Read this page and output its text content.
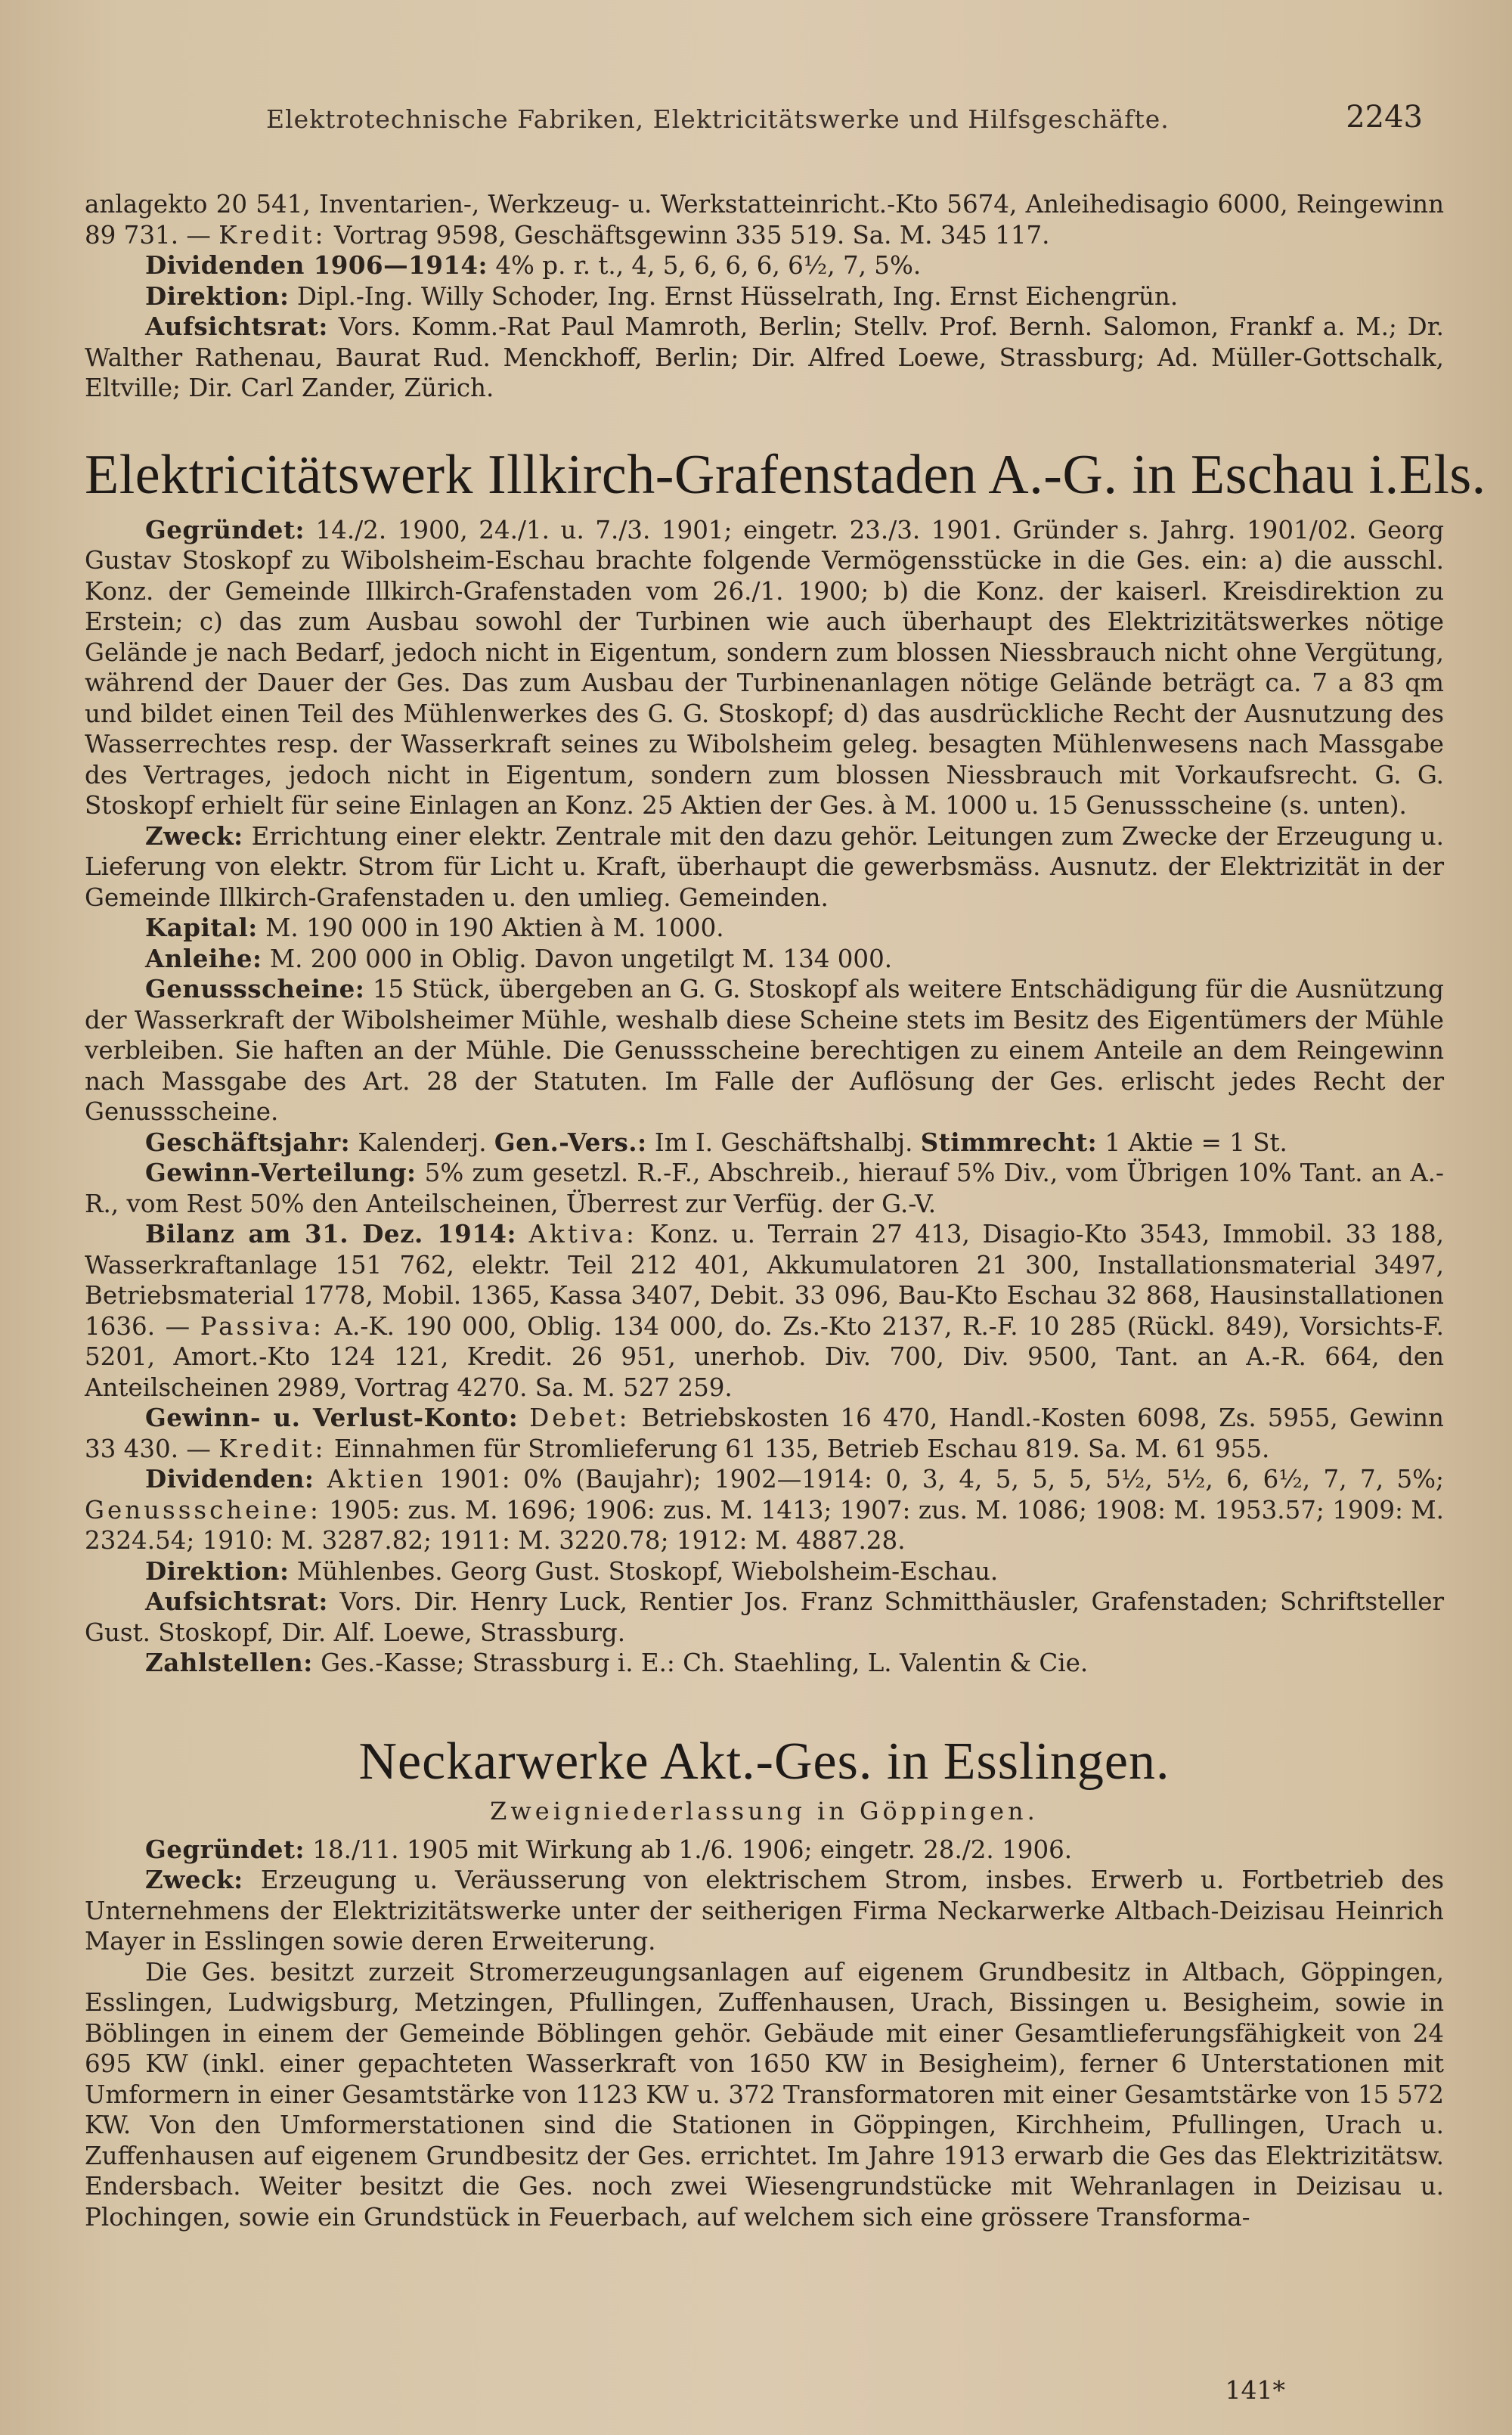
Elektrotechnische Fabriken, Elektricitätswerke und Hilfsgeschäfte.	2243

anlagekto 20 541, Inventarien-, Werkzeug- u. Werkstatteinricht.-Kto 5674, Anleihedisagio 6000, Reingewinn 89 731. — Kredit: Vortrag 9598, Geschäftsgewinn 335 519. Sa. M. 345 117.

Dividenden 1906—1914: 4% p. r. t., 4, 5, 6, 6, 6, 6½, 7, 5%.

Direktion: Dipl.-Ing. Willy Schoder, Ing. Ernst Hüsselrath, Ing. Ernst Eichengrün.

Aufsichtsrat: Vors. Komm.-Rat Paul Mamroth, Berlin; Stellv. Prof. Bernh. Salomon, Frankf a. M.; Dr. Walther Rathenau, Baurat Rud. Menckhoff, Berlin; Dir. Alfred Loewe, Strassburg; Ad. Müller-Gottschalk, Eltville; Dir. Carl Zander, Zürich.

Elektricitätswerk Illkirch-Grafenstaden A.-G. in Eschau i.Els.

Gegründet: 14./2. 1900, 24./1. u. 7./3. 1901; eingetr. 23./3. 1901. Gründer s. Jahrg. 1901/02. Georg Gustav Stoskopf zu Wibolsheim-Eschau brachte folgende Vermögensstücke in die Ges. ein: a) die ausschl. Konz. der Gemeinde Illkirch-Grafenstaden vom 26./1. 1900; b) die Konz. der kaiserl. Kreisdirektion zu Erstein; c) das zum Ausbau sowohl der Turbinen wie auch überhaupt des Elektrizitätswerkes nötige Gelände je nach Bedarf, jedoch nicht in Eigentum, sondern zum blossen Niessbrauch nicht ohne Vergütung, während der Dauer der Ges. Das zum Ausbau der Turbinenanlagen nötige Gelände beträgt ca. 7 a 83 qm und bildet einen Teil des Mühlenwerkes des G. G. Stoskopf; d) das ausdrückliche Recht der Ausnutzung des Wasserrechtes resp. der Wasserkraft seines zu Wibolsheim geleg. besagten Mühlenwesens nach Massgabe des Vertrages, jedoch nicht in Eigentum, sondern zum blossen Niessbrauch mit Vorkaufsrecht. G. G. Stoskopf erhielt für seine Einlagen an Konz. 25 Aktien der Ges. à M. 1000 u. 15 Genussscheine (s. unten).

Zweck: Errichtung einer elektr. Zentrale mit den dazu gehör. Leitungen zum Zwecke der Erzeugung u. Lieferung von elektr. Strom für Licht u. Kraft, überhaupt die gewerbsmäss. Ausnutz. der Elektrizität in der Gemeinde Illkirch-Grafenstaden u. den umlieg. Gemeinden.

Kapital: M. 190 000 in 190 Aktien à M. 1000.

Anleihe: M. 200 000 in Oblig. Davon ungetilgt M. 134 000.

Genussscheine: 15 Stück, übergeben an G. G. Stoskopf als weitere Entschädigung für die Ausnützung der Wasserkraft der Wibolsheimer Mühle, weshalb diese Scheine stets im Besitz des Eigentümers der Mühle verbleiben. Sie haften an der Mühle. Die Genussscheine berechtigen zu einem Anteile an dem Reingewinn nach Massgabe des Art. 28 der Statuten. Im Falle der Auflösung der Ges. erlischt jedes Recht der Genussscheine.

Geschäftsjahr: Kalenderj. Gen.-Vers.: Im I. Geschäftshalbj. Stimmrecht: 1 Aktie = 1 St.

Gewinn-Verteilung: 5% zum gesetzl. R.-F., Abschreib., hierauf 5% Div., vom Übrigen 10% Tant. an A.-R., vom Rest 50% den Anteilscheinen, Überrest zur Verfüg. der G.-V.

Bilanz am 31. Dez. 1914: Aktiva: Konz. u. Terrain 27 413, Disagio-Kto 3543, Immobil. 33 188, Wasserkraftanlage 151 762, elektr. Teil 212 401, Akkumulatoren 21 300, Installationsmaterial 3497, Betriebsmaterial 1778, Mobil. 1365, Kassa 3407, Debit. 33 096, Bau-Kto Eschau 32 868, Hausinstallationen 1636. — Passiva: A.-K. 190 000, Oblig. 134 000, do. Zs.-Kto 2137, R.-F. 10 285 (Rückl. 849), Vorsichts-F. 5201, Amort.-Kto 124 121, Kredit. 26 951, unerhob. Div. 700, Div. 9500, Tant. an A.-R. 664, den Anteilscheinen 2989, Vortrag 4270. Sa. M. 527 259.

Gewinn- u. Verlust-Konto: Debet: Betriebskosten 16 470, Handl.-Kosten 6098, Zs. 5955, Gewinn 33 430. — Kredit: Einnahmen für Stromlieferung 61 135, Betrieb Eschau 819. Sa. M. 61 955.

Dividenden: Aktien 1901: 0% (Baujahr); 1902—1914: 0, 3, 4, 5, 5, 5, 5½, 5½, 6, 6½, 7, 7, 5%; Genussscheine: 1905: zus. M. 1696; 1906: zus. M. 1413; 1907: zus. M. 1086; 1908: M. 1953.57; 1909: M. 2324.54; 1910: M. 3287.82; 1911: M. 3220.78; 1912: M. 4887.28.

Direktion: Mühlenbes. Georg Gust. Stoskopf, Wiebolsheim-Eschau.

Aufsichtsrat: Vors. Dir. Henry Luck, Rentier Jos. Franz Schmitthäusler, Grafenstaden; Schriftsteller Gust. Stoskopf, Dir. Alf. Loewe, Strassburg.

Zahlstellen: Ges.-Kasse; Strassburg i. E.: Ch. Staehling, L. Valentin & Cie.

Neckarwerke Akt.-Ges. in Esslingen.
Zweigniederlassung in Göppingen.

Gegründet: 18./11. 1905 mit Wirkung ab 1./6. 1906; eingetr. 28./2. 1906.

Zweck: Erzeugung u. Veräusserung von elektrischem Strom, insbes. Erwerb u. Fortbetrieb des Unternehmens der Elektrizitätswerke unter der seitherigen Firma Neckarwerke Altbach-Deizisau Heinrich Mayer in Esslingen sowie deren Erweiterung.

Die Ges. besitzt zurzeit Stromerzeugungsanlagen auf eigenem Grundbesitz in Altbach, Göppingen, Esslingen, Ludwigsburg, Metzingen, Pfullingen, Zuffenhausen, Urach, Bissingen u. Besigheim, sowie in Böblingen in einem der Gemeinde Böblingen gehör. Gebäude mit einer Gesamtlieferungsfähigkeit von 24 695 KW (inkl. einer gepachteten Wasserkraft von 1650 KW in Besigheim), ferner 6 Unterstationen mit Umformern in einer Gesamtstärke von 1123 KW u. 372 Transformatoren mit einer Gesamtstärke von 15 572 KW. Von den Umformerstationen sind die Stationen in Göppingen, Kirchheim, Pfullingen, Urach u. Zuffenhausen auf eigenem Grundbesitz der Ges. errichtet. Im Jahre 1913 erwarb die Ges das Elektrizitätsw. Endersbach. Weiter besitzt die Ges. noch zwei Wiesengrundstücke mit Wehranlagen in Deizisau u. Plochingen, sowie ein Grundstück in Feuerbach, auf welchem sich eine grössere Transforma-

141*
